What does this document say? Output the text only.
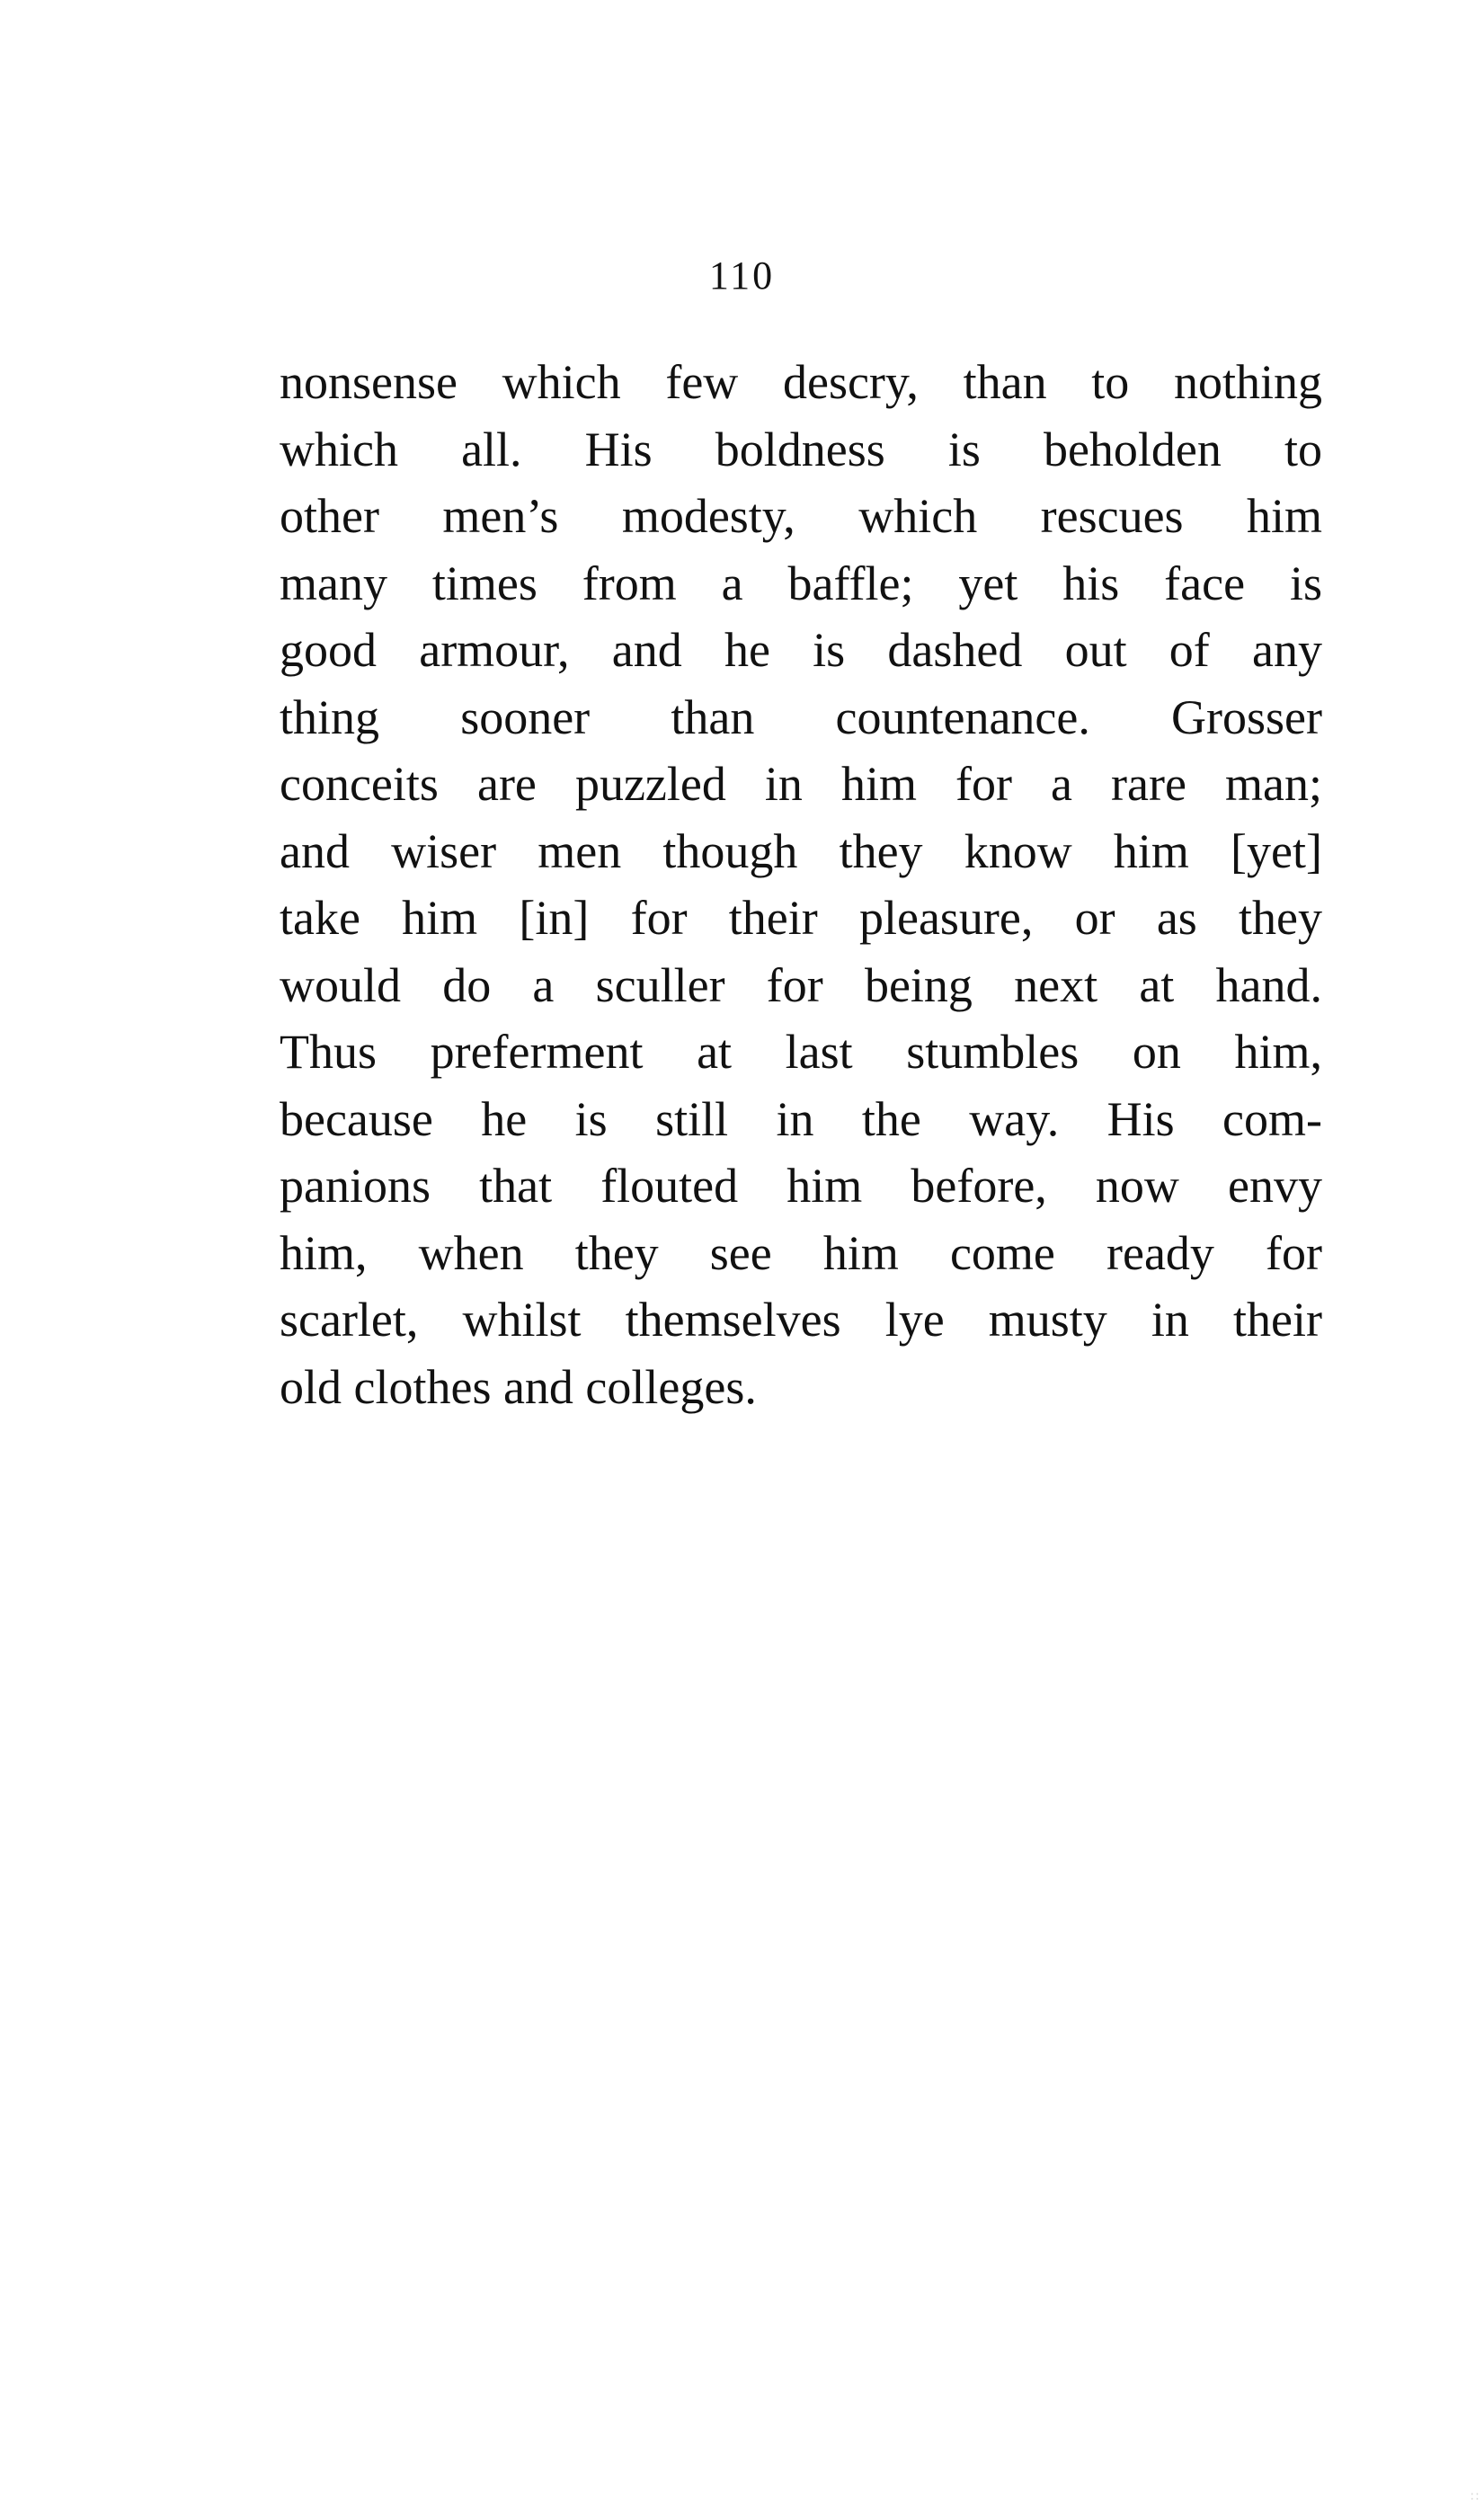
110
nonsense which few descry, than to nothing
which all. His boldness is beholden to
other men’s modesty, which rescues him
many times from a baffle; yet his face is
good armour, and he is dashed out of any
thing sooner than countenance. Grosser
conceits are puzzled in him for a rare man;
and wiser men though they know him [yet]
take him [in] for their pleasure, or as they
would do a sculler for being next at hand.
Thus preferment at last stumbles on him,
because he is still in the way. His com-
panions that flouted him before, now envy
him, when they see him come ready for
scarlet, whilst themselves lye musty in their
old clothes and colleges.
∷
